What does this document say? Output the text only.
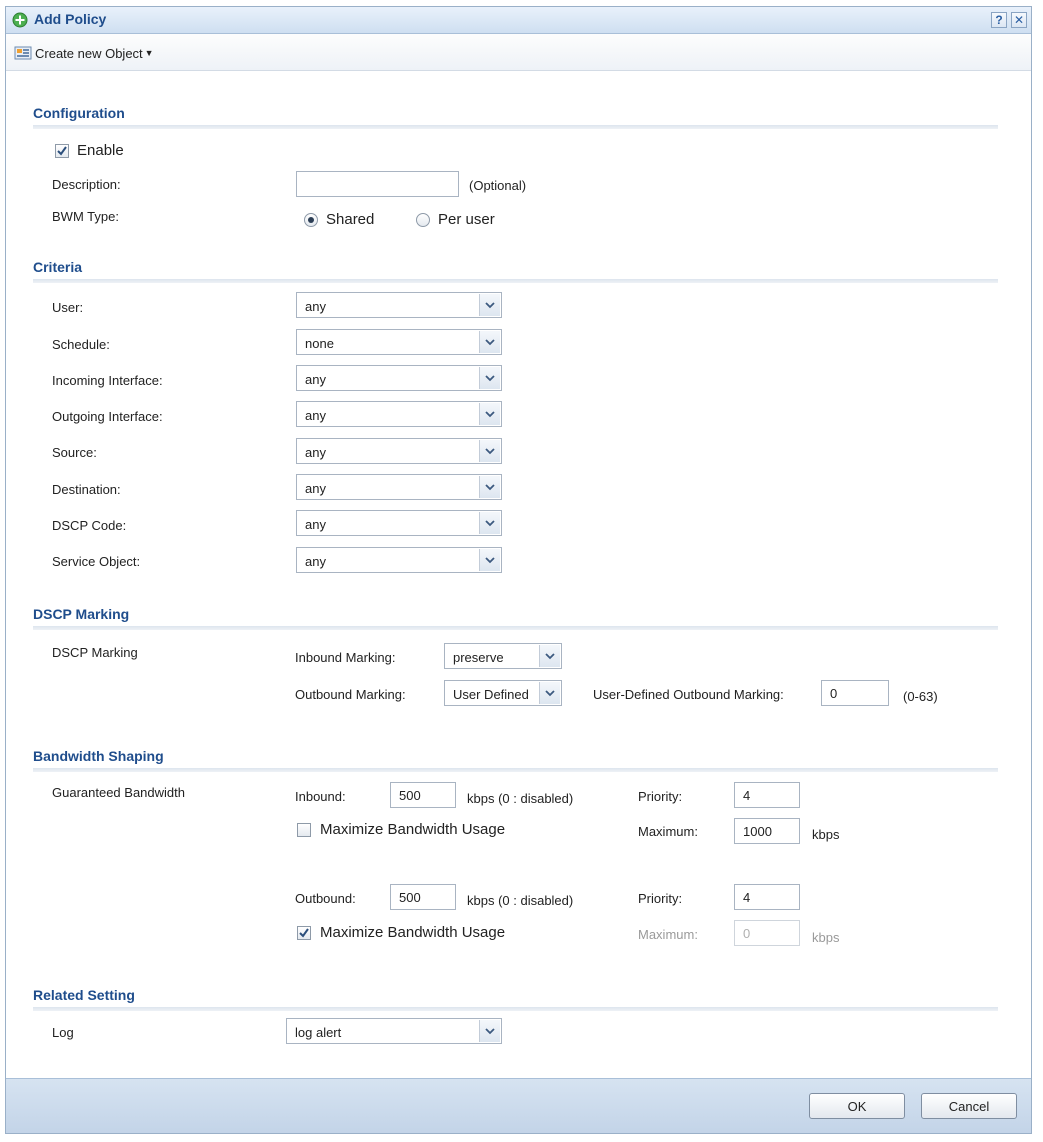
Add Policy	? ✕
Create new Object ▼
Configuration
Enable
Description:	(Optional)
BWM Type:	Shared	Per user
Criteria
User:	any
Schedule:	none
Incoming Interface:	any
Outgoing Interface:	any
Source:	any
Destination:	any
DSCP Code:	any
Service Object:	any
DSCP Marking
DSCP Marking	Inbound Marking:	preserve
Outbound Marking:	User Defined	User-Defined Outbound Marking:	0	(0-63)
Bandwidth Shaping
Guaranteed Bandwidth	Inbound:	500	kbps (0 : disabled)	Priority:	4
Maximize Bandwidth Usage	Maximum:	1000	kbps
Outbound:	500	kbps (0 : disabled)	Priority:	4
Maximize Bandwidth Usage	Maximum:	0	kbps
Related Setting
Log	log alert
OK	Cancel
